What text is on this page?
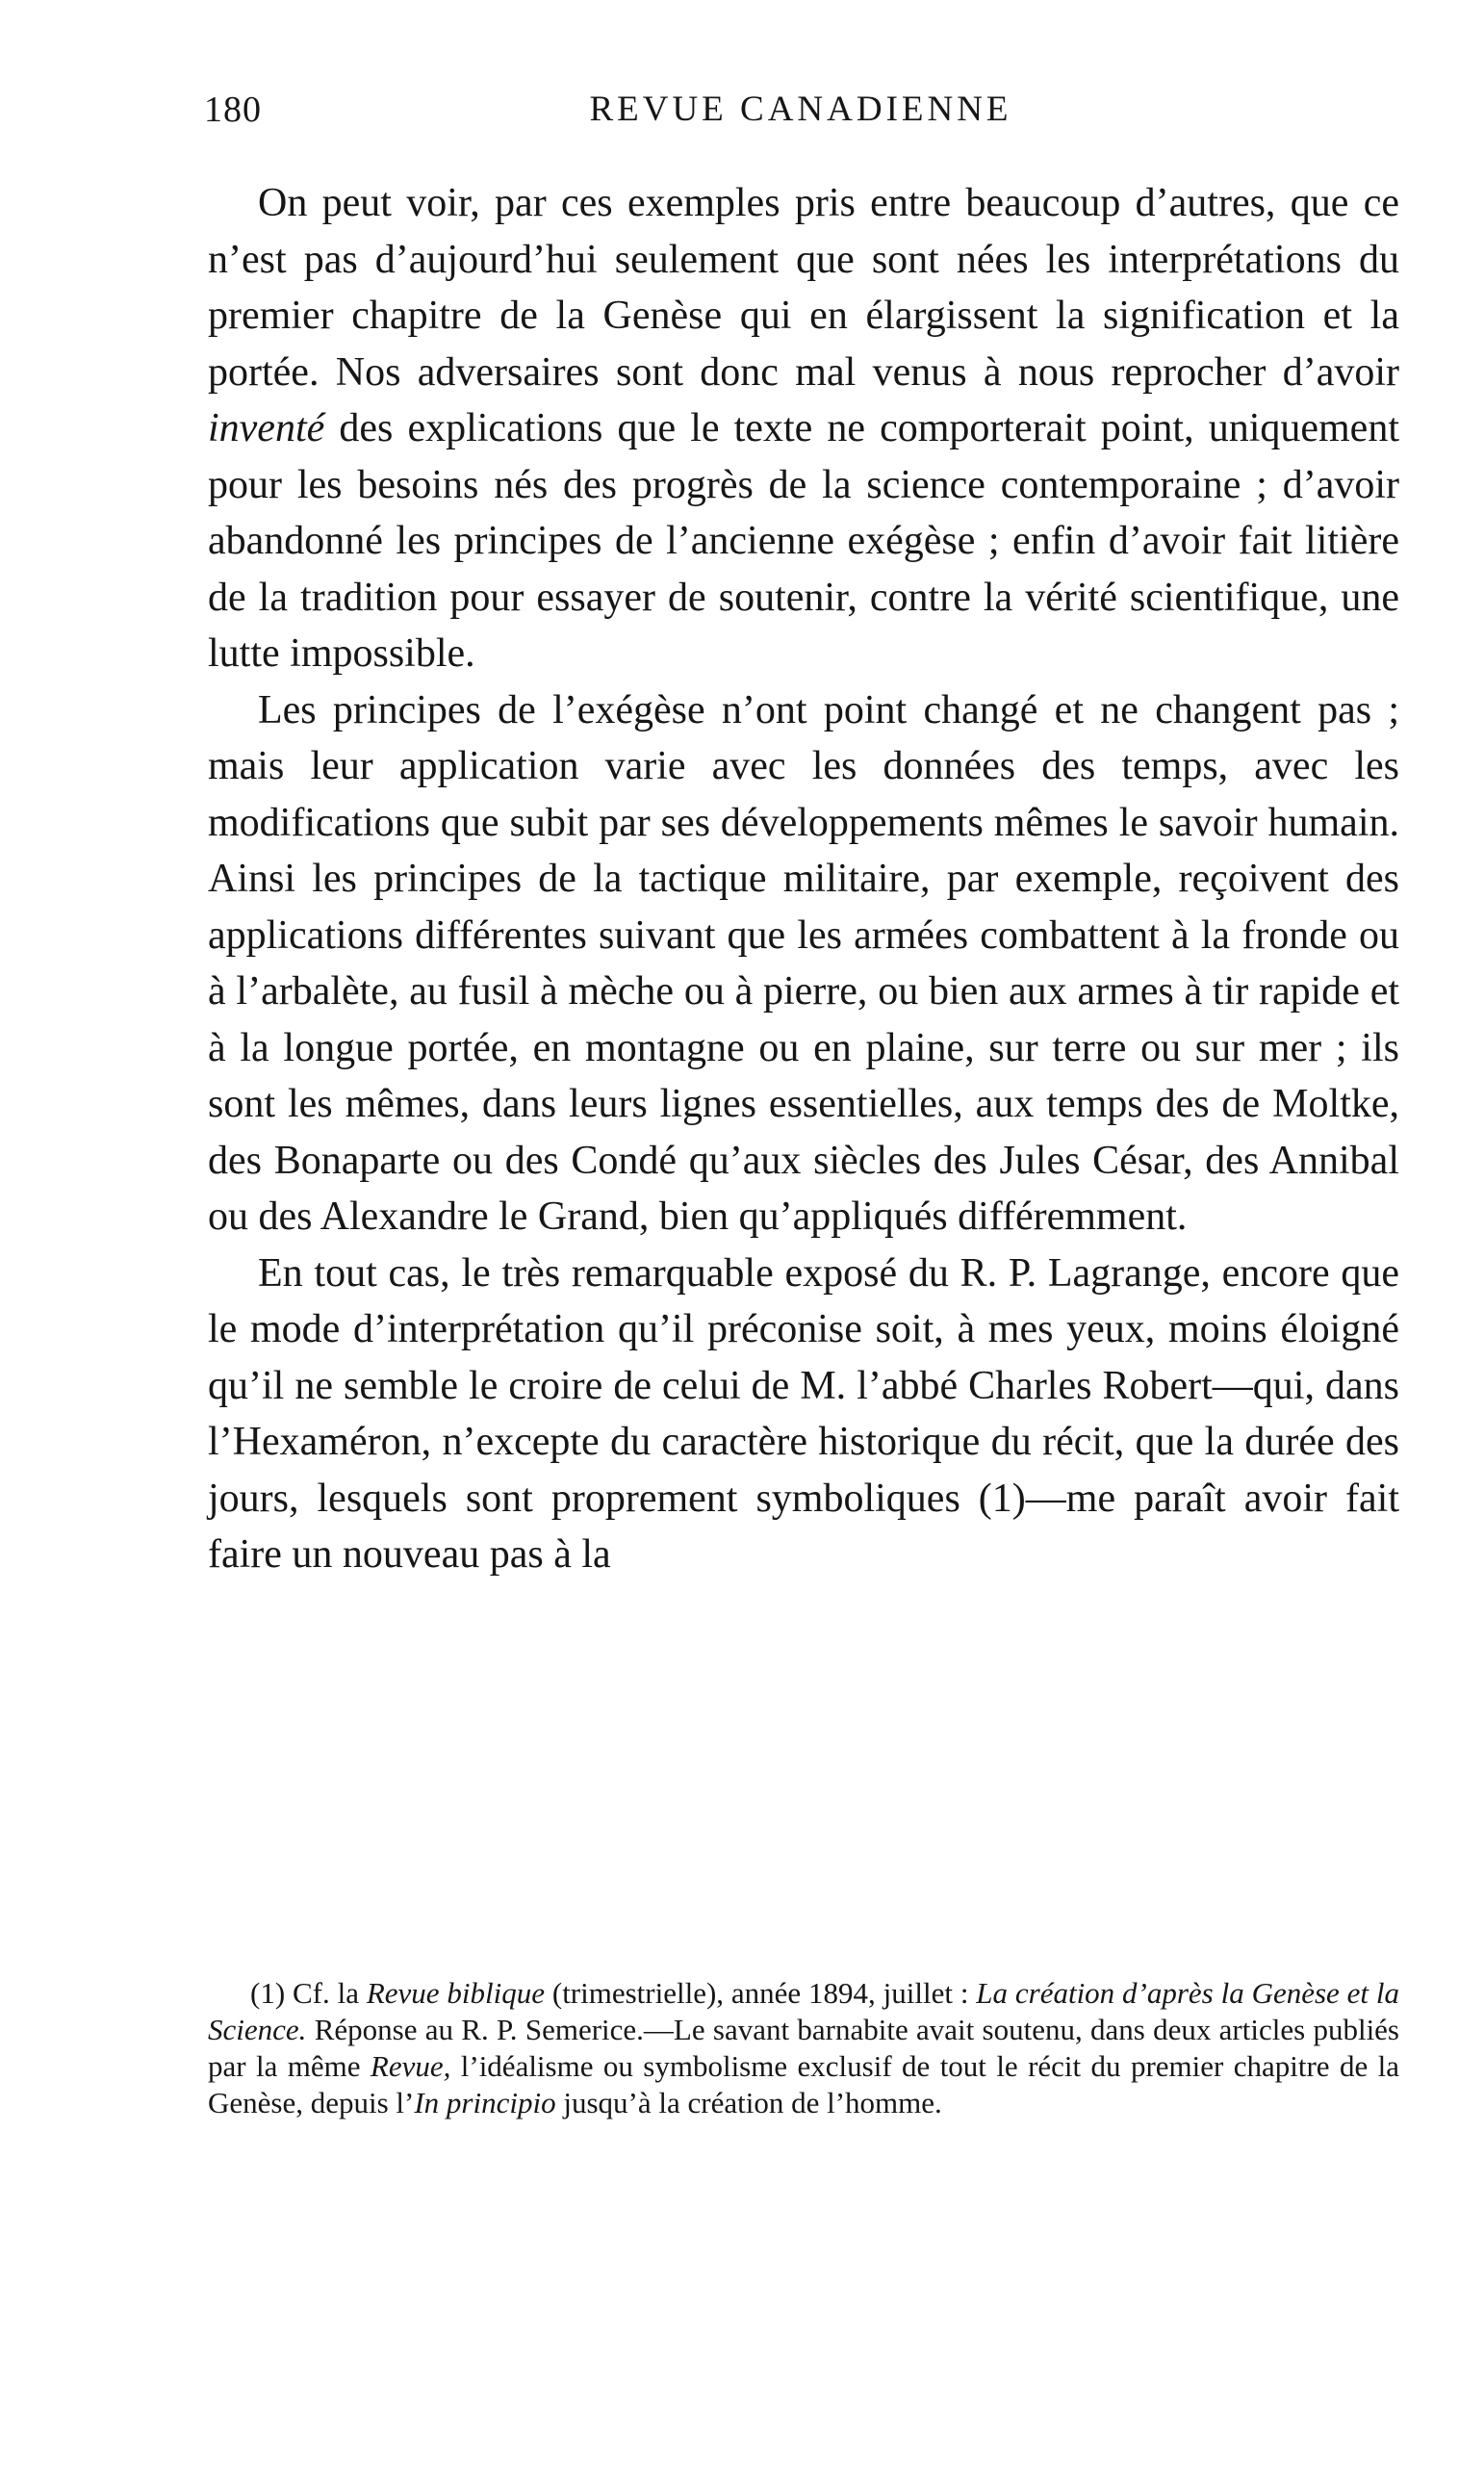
180	REVUE CANADIENNE

On peut voir, par ces exemples pris entre beaucoup d’autres, que ce n’est pas d’aujourd’hui seulement que sont nées les interprétations du premier chapitre de la Genèse qui en élargissent la signification et la portée. Nos adversaires sont donc mal venus à nous reprocher d’avoir inventé des explications que le texte ne comporterait point, uniquement pour les besoins nés des progrès de la science contemporaine ; d’avoir abandonné les principes de l’ancienne exégèse ; enfin d’avoir fait litière de la tradition pour essayer de soutenir, contre la vérité scientifique, une lutte impossible.

Les principes de l’exégèse n’ont point changé et ne changent pas ; mais leur application varie avec les données des temps, avec les modifications que subit par ses développements mêmes le savoir humain. Ainsi les principes de la tactique militaire, par exemple, reçoivent des applications différentes suivant que les armées combattent à la fronde ou à l’arbalète, au fusil à mèche ou à pierre, ou bien aux armes à tir rapide et à la longue portée, en montagne ou en plaine, sur terre ou sur mer ; ils sont les mêmes, dans leurs lignes essentielles, aux temps des de Moltke, des Bonaparte ou des Condé qu’aux siècles des Jules César, des Annibal ou des Alexandre le Grand, bien qu’appliqués différemment.

En tout cas, le très remarquable exposé du R. P. Lagrange, encore que le mode d’interprétation qu’il préconise soit, à mes yeux, moins éloigné qu’il ne semble le croire de celui de M. l’abbé Charles Robert—qui, dans l’Hexaméron, n’excepte du caractère historique du récit, que la durée des jours, lesquels sont proprement symboliques (1)—me paraît avoir fait faire un nouveau pas à la

(1) Cf. la Revue biblique (trimestrielle), année 1894, juillet : La création d’après la Genèse et la Science. Réponse au R. P. Semerice.—Le savant barnabite avait soutenu, dans deux articles publiés par la même Revue, l’idéalisme ou symbolisme exclusif de tout le récit du premier chapitre de la Genèse, depuis l’In principio jusqu’à la création de l’homme.
